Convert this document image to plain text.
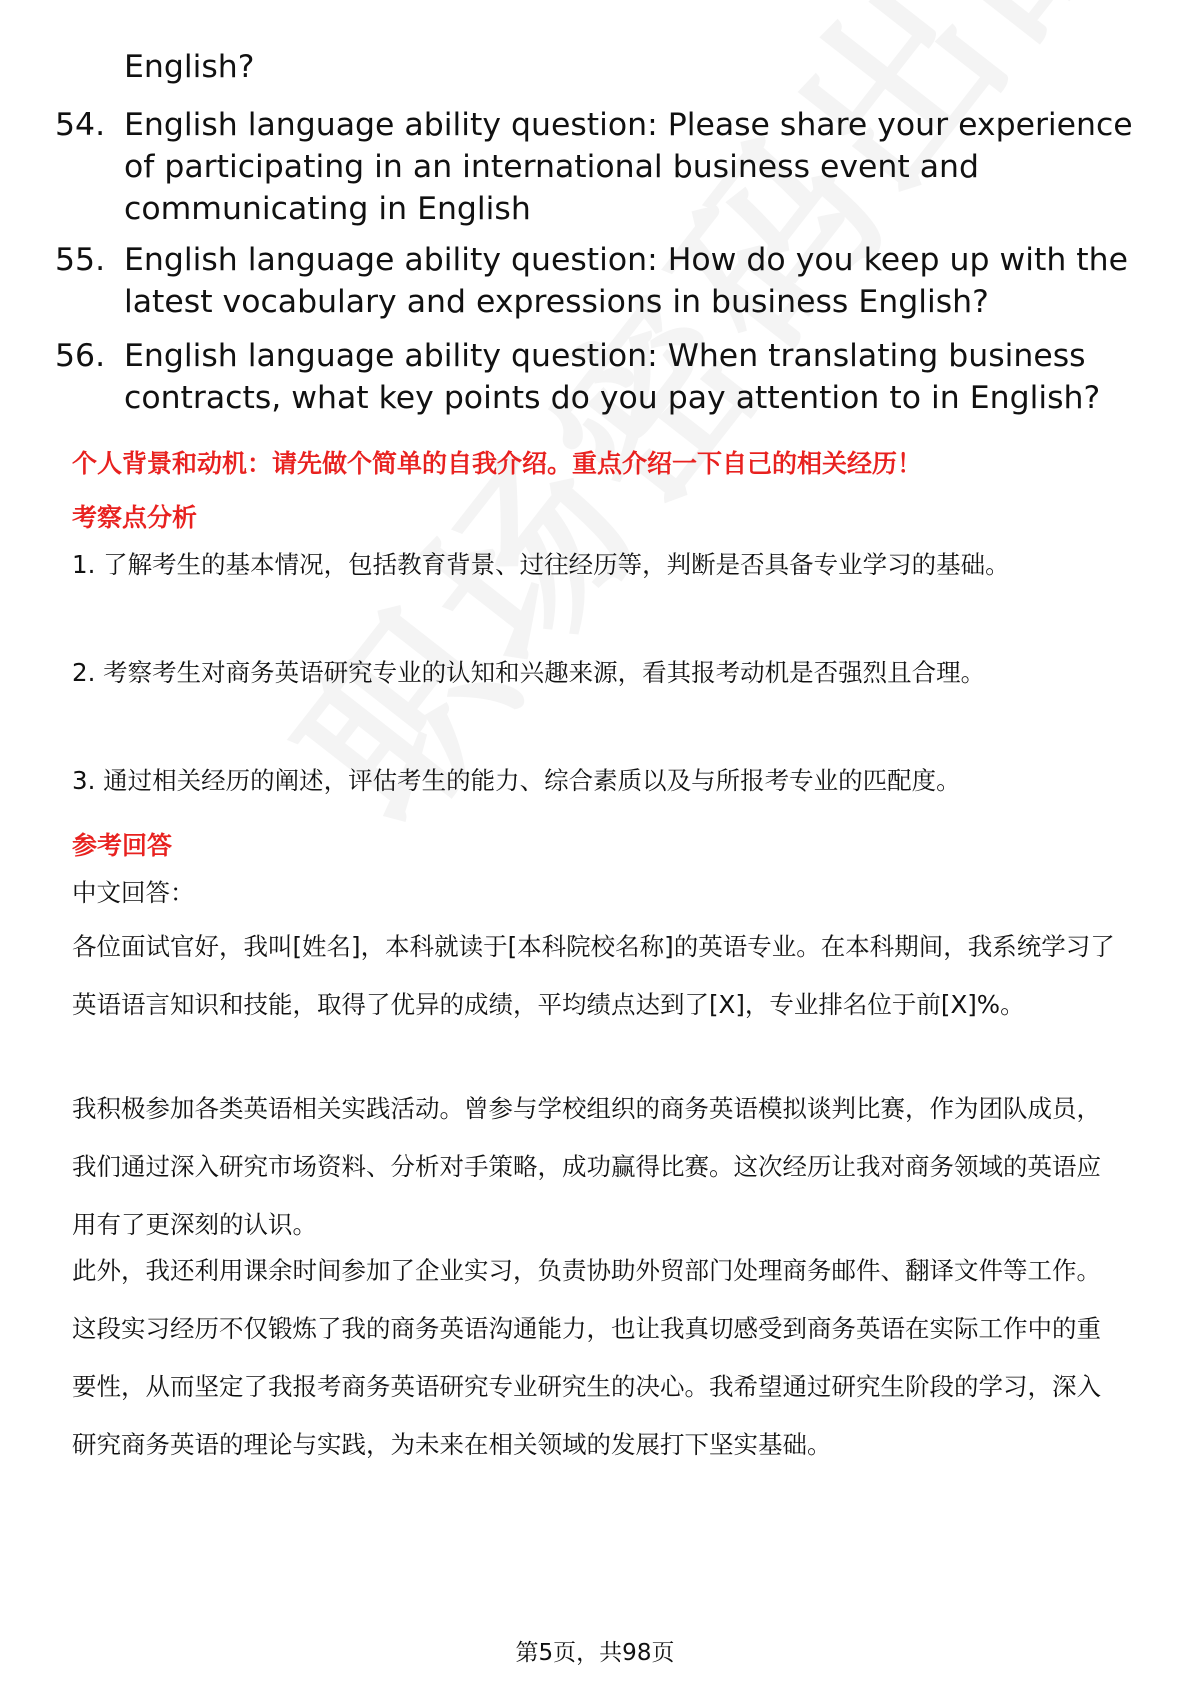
English?
54. English language ability question: Please share your experience of participating in an international business event and communicating in English
55. English language ability question: How do you keep up with the latest vocabulary and expressions in business English?
56. English language ability question: When translating business contracts, what key points do you pay attention to in English?
个人背景和动机：请先做个简单的自我介绍。重点介绍一下自己的相关经历！
考察点分析
1. 了解考生的基本情况，包括教育背景、过往经历等，判断是否具备专业学习的基础。
2. 考察考生对商务英语研究专业的认知和兴趣来源，看其报考动机是否强烈且合理。
3. 通过相关经历的阐述，评估考生的能力、综合素质以及与所报考专业的匹配度。
参考回答
中文回答：
各位面试官好，我叫[姓名]，本科就读于[本科院校名称]的英语专业。在本科期间，我系统学习了英语语言知识和技能，取得了优异的成绩，平均绩点达到了[X]，专业排名位于前[X]%。
我积极参加各类英语相关实践活动。曾参与学校组织的商务英语模拟谈判比赛，作为团队成员，我们通过深入研究市场资料、分析对手策略，成功赢得比赛。这次经历让我对商务领域的英语应用有了更深刻的认识。
此外，我还利用课余时间参加了企业实习，负责协助外贸部门处理商务邮件、翻译文件等工作。这段实习经历不仅锻炼了我的商务英语沟通能力，也让我真切感受到商务英语在实际工作中的重要性，从而坚定了我报考商务英语研究专业研究生的决心。我希望通过研究生阶段的学习，深入研究商务英语的理论与实践，为未来在相关领域的发展打下坚实基础。
第5页，共98页
